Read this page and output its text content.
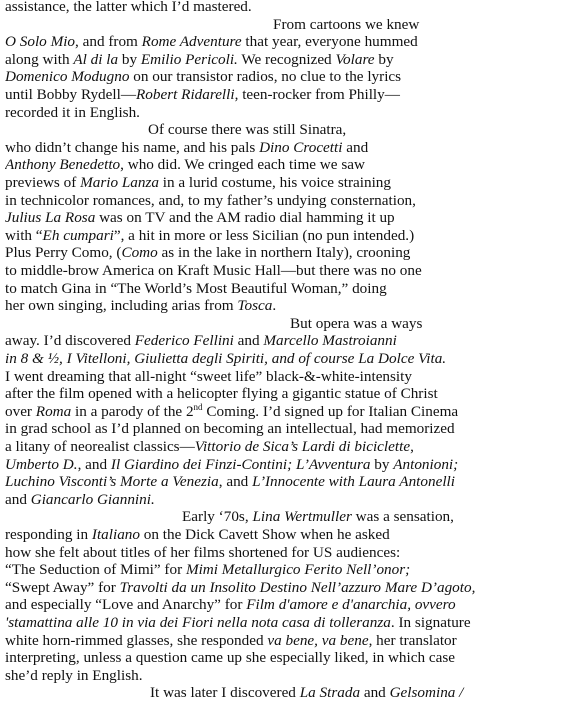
assistance, the latter which I’d mastered.
From cartoons we knew
O Solo Mio, and from Rome Adventure that year, everyone hummed
along with Al di la by Emilio Pericoli. We recognized Volare by
Domenico Modugno on our transistor radios, no clue to the lyrics
until Bobby Rydell—Robert Ridarelli, teen-rocker from Philly—
recorded it in English.
Of course there was still Sinatra,
who didn’t change his name, and his pals Dino Crocetti and
Anthony Benedetto, who did. We cringed each time we saw
previews of Mario Lanza in a lurid costume, his voice straining
in technicolor romances, and, to my father’s undying consternation,
Julius La Rosa was on TV and the AM radio dial hamming it up
with “Eh cumpari”, a hit in more or less Sicilian (no pun intended.)
Plus Perry Como, (Como as in the lake in northern Italy), crooning
to middle-brow America on Kraft Music Hall—but there was no one
to match Gina in “The World’s Most Beautiful Woman,” doing
her own singing, including arias from Tosca.
But opera was a ways
away. I’d discovered Federico Fellini and Marcello Mastroianni
in 8 & ½, I Vitelloni, Giulietta degli Spiriti, and of course La Dolce Vita.
I went dreaming that all-night “sweet life” black-&-white-intensity
after the film opened with a helicopter flying a gigantic statue of Christ
over Roma in a parody of the 2nd Coming. I’d signed up for Italian Cinema
in grad school as I’d planned on becoming an intellectual, had memorized
a litany of neorealist classics—Vittorio de Sica’s Lardi di biciclette,
Umberto D., and Il Giardino dei Finzi-Contini; L’Avventura by Antonioni;
Luchino Visconti’s Morte a Venezia, and L’Innocente with Laura Antonelli
and Giancarlo Giannini.
Early ‘70s, Lina Wertmuller was a sensation,
responding in Italiano on the Dick Cavett Show when he asked
how she felt about titles of her films shortened for US audiences:
“The Seduction of Mimi” for Mimi Metallurgico Ferito Nell’onor;
“Swept Away” for Travolti da un Insolito Destino Nell’azzuro Mare D’agoto,
and especially “Love and Anarchy” for Film d'amore e d'anarchia, ovvero
'stamattina alle 10 in via dei Fiori nella nota casa di tolleranza. In signature
white horn-rimmed glasses, she responded va bene, va bene, her translator
interpreting, unless a question came up she especially liked, in which case
she’d reply in English.
It was later I discovered La Strada and Gelsomina /
